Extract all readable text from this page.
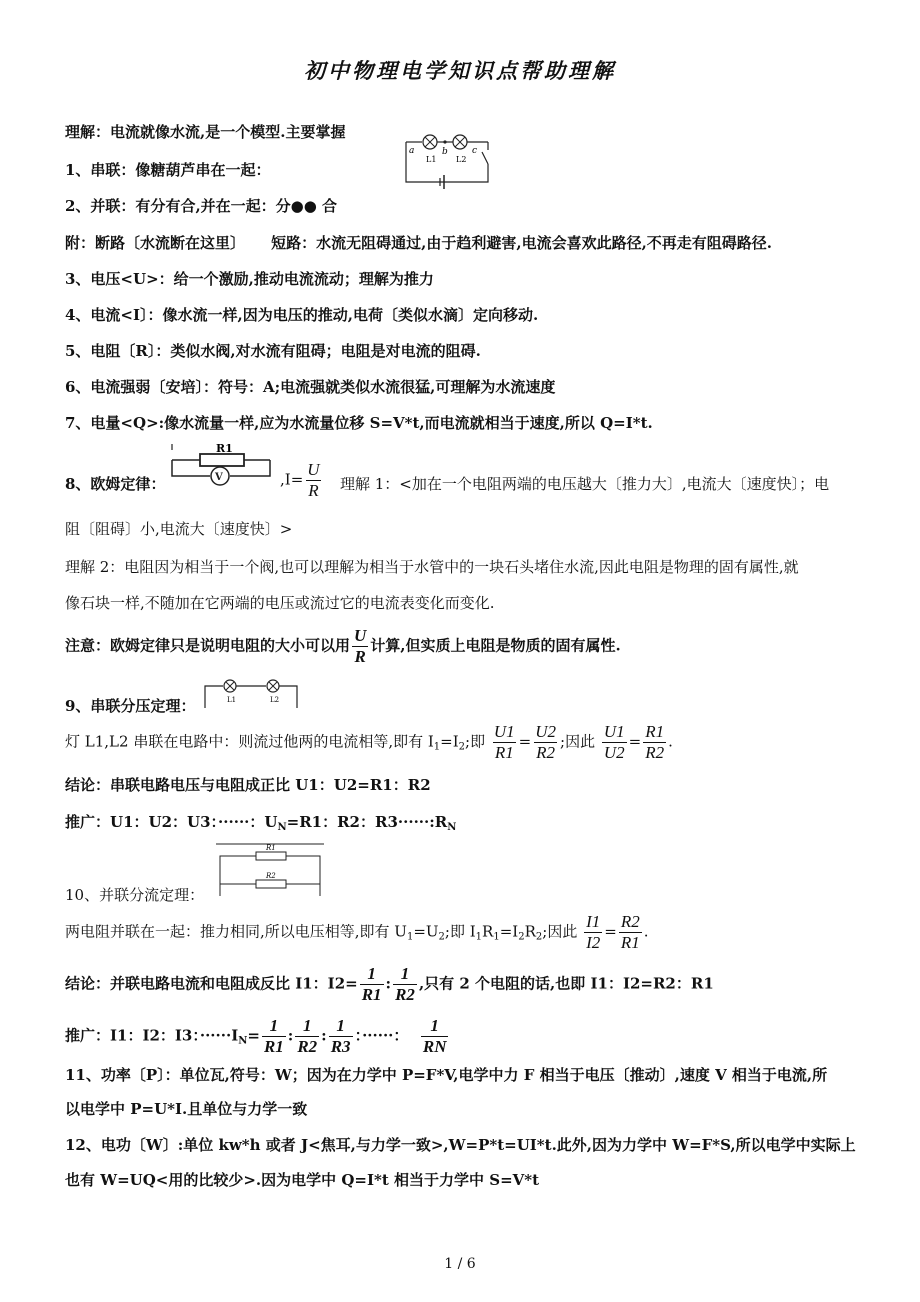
初中物理电学知识点帮助理解
理解：电流就像水流,是一个模型.主要掌握
a	b	c
L1 L2
1、串联：像糖葫芦串在一起：
2、并联：有分有合,并在一起：分●● 合
附：断路〔水流断在这里〕 短路：水流无阻碍通过,由于趋利避害,电流会喜欢此路径,不再走有阻碍路径.
3、电压<U>：给一个激励,推动电流流动；理解为推力
4、电流<I〕：像水流一样,因为电压的推动,电荷〔类似水滴〕定向移动.
5、电阻〔R〕：类似水阀,对水流有阻碍；电阻是对电流的阻碍.
6、电流强弱〔安培〕：符号：A;电流强就类似水流很猛,可理解为水流速度
7、电量<Q>:像水流量一样,应为水流量位移 S=V*t,而电流就相当于速度,所以 Q=I*t.
8、欧姆定律：	V
R1
$,I= \frac{U}{R}$ 理解 1：<加在一个电阻两端的电压越大〔推力大〕,电流大〔速度快〕；电
阻〔阻碍〕小,电流大〔速度快〕>
理解 2：电阻因为相当于一个阀,也可以理解为相当于水管中的一块石头堵住水流,因此电阻是物理的固有属性,就
像石块一样,不随加在它两端的电压或流过它的电流表变化而变化.
注意：欧姆定律只是说明电阻的大小可以用 $\frac{U}{R}$ 计算,但实质上电阻是物质的固有属性.
9、串联分压定理：	L1	L2
灯 L1,L2 串联在电路中：则流过他两的电流相等,即有 $I_1=I_2$;即 $\frac{U1}{R1} = \frac{U2}{R2}$ ;因此 $\frac{U1}{U2} = \frac{R1}{R2}$ .
结论：串联电路电压与电阻成正比 U1：U2=R1：R2
推广：U1：U2：U3：······：$U_N=R1$：R2：$R3\cdot\cdot\cdot\cdot\cdot\cdot:R_N$
R1
R2
10、并联分流定理：
两电阻并联在一起：推力相同,所以电压相等,即有 $U_1=U_2$;即 $I_1R_1=I_2R_2$;因此 $\frac{I1}{I2} = \frac{R2}{R1}$ .
结论：并联电路电流和电阻成反比 I1：$I2= \frac{1}{R1}$ : $\frac{1}{R2}$ ,只有 2 个电阻的话,也即 I1：I2=R2：R1
推广：I1：I2：I3：$\cdot\cdot\cdot\cdot\cdot\cdot I_N= \frac{1}{R1}$ : $\frac{1}{R2}$ : $\frac{1}{R3}$ ：······： $\frac{1}{RN}$
11、功率〔P〕：单位瓦,符号：W；因为在力学中 P=F*V,电学中力 F 相当于电压〔推动〕,速度 V 相当于电流,所
以电学中 P=U*I.且单位与力学一致
12、电功〔W〕:单位 kw*h 或者 J<焦耳,与力学一致>,W=P*t=UI*t.此外,因为力学中 W=F*S,所以电学中实际上
也有 W=UQ<用的比较少>.因为电学中 Q=I*t 相当于力学中 S=V*t
1 / 6
